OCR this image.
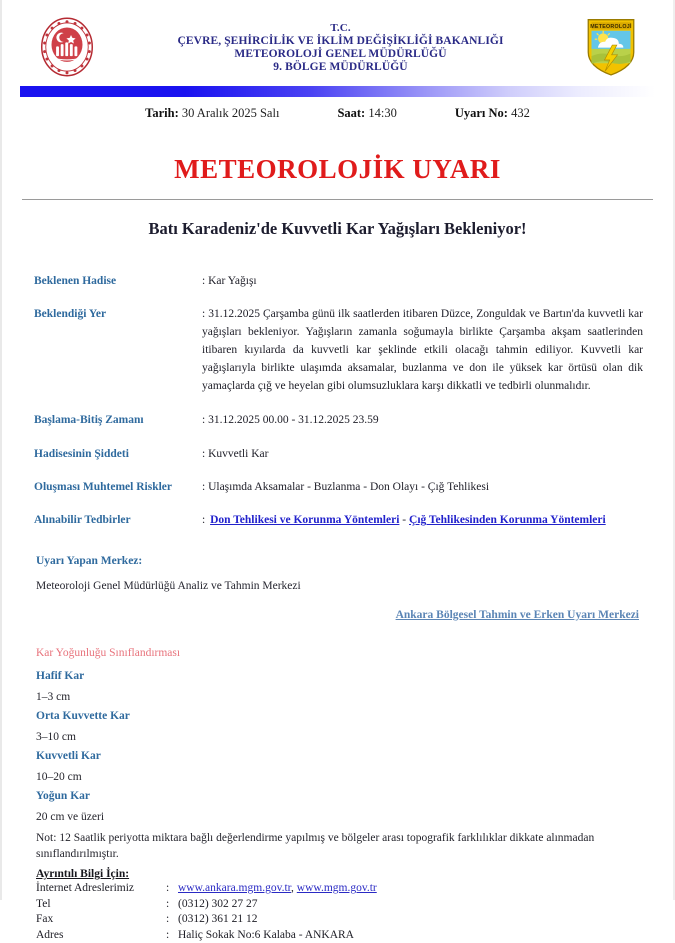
T.C.
ÇEVRE, ŞEHİRCİLİK VE İKLİM DEĞİŞİKLİĞİ BAKANLIĞI
METEOROLOJİ GENEL MÜDÜRLÜĞÜ
9. BÖLGE MÜDÜRLÜĞÜ
METEOROLOJİ
Tarih: 30 Aralık 2025 Salı	Saat: 14:30	Uyarı No: 432
METEOROLOJİK UYARI
Batı Karadeniz'de Kuvvetli Kar Yağışları Bekleniyor!
Beklenen Hadise	: Kar Yağışı
Beklendiği Yer	: 31.12.2025 Çarşamba günü ilk saatlerden itibaren Düzce, Zonguldak ve Bartın'da kuvvetli kar yağışları bekleniyor. Yağışların zamanla soğumayla birlikte Çarşamba akşam saatlerinden itibaren kıyılarda da kuvvetli kar şeklinde etkili olacağı tahmin ediliyor. Kuvvetli kar yağışlarıyla birlikte ulaşımda aksamalar, buzlanma ve don ile yüksek kar örtüsü olan dik yamaçlarda çığ ve heyelan gibi olumsuzluklara karşı dikkatli ve tedbirli olunmalıdır.
Başlama-Bitiş Zamanı	: 31.12.2025 00.00 - 31.12.2025 23.59
Hadisesinin Şiddeti	: Kuvvetli Kar
Oluşması Muhtemel Riskler	: Ulaşımda Aksamalar - Buzlanma - Don Olayı - Çığ Tehlikesi
Alınabilir Tedbirler	: Don Tehlikesi ve Korunma Yöntemleri - Çığ Tehlikesinden Korunma Yöntemleri
Uyarı Yapan Merkez:
Meteoroloji Genel Müdürlüğü Analiz ve Tahmin Merkezi
Ankara Bölgesel Tahmin ve Erken Uyarı Merkezi
Kar Yoğunluğu Sınıflandırması
Hafif Kar
1–3 cm
Orta Kuvvette Kar
3–10 cm
Kuvvetli Kar
10–20 cm
Yoğun Kar
20 cm ve üzeri
Not: 12 Saatlik periyotta miktara bağlı değerlendirme yapılmış ve bölgeler arası topografik farklılıklar dikkate alınmadan sınıflandırılmıştır.
Ayrıntılı Bilgi İçin:
İnternet Adreslerimiz	: www.ankara.mgm.gov.tr, www.mgm.gov.tr
Tel	: (0312) 302 27 27
Fax	: (0312) 361 21 12
Adres	: Haliç Sokak No:6 Kalaba - ANKARA
